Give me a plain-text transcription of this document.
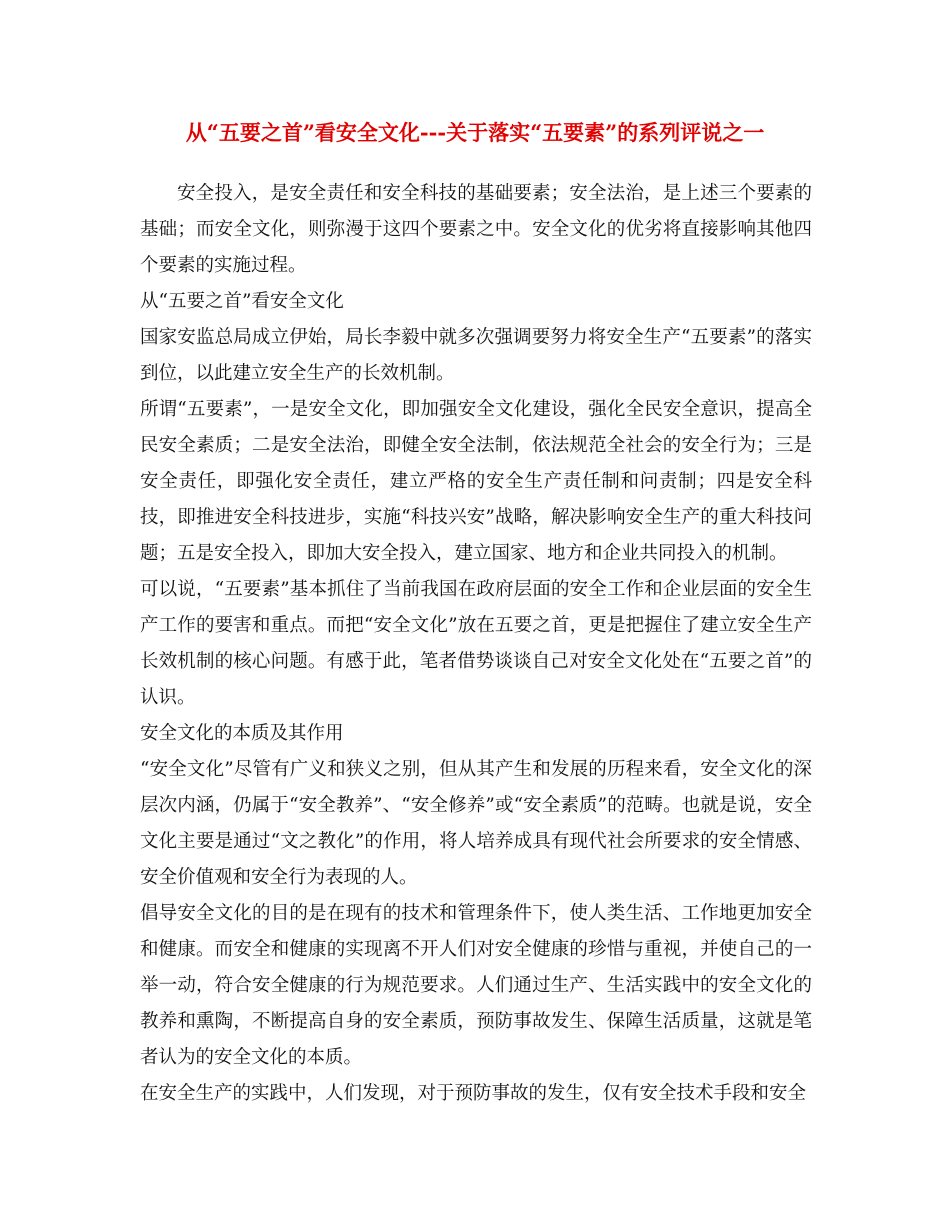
从“五要之首”看安全文化---关于落实“五要素”的系列评说之一

安全投入，是安全责任和安全科技的基础要素；安全法治，是上述三个要素的基础；而安全文化，则弥漫于这四个要素之中。安全文化的优劣将直接影响其他四个要素的实施过程。

从“五要之首”看安全文化

国家安监总局成立伊始，局长李毅中就多次强调要努力将安全生产“五要素”的落实到位，以此建立安全生产的长效机制。

所谓“五要素”，一是安全文化，即加强安全文化建设，强化全民安全意识，提高全民安全素质；二是安全法治，即健全安全法制，依法规范全社会的安全行为；三是安全责任，即强化安全责任，建立严格的安全生产责任制和问责制；四是安全科技，即推进安全科技进步，实施“科技兴安”战略，解决影响安全生产的重大科技问题；五是安全投入，即加大安全投入，建立国家、地方和企业共同投入的机制。

可以说，“五要素”基本抓住了当前我国在政府层面的安全工作和企业层面的安全生产工作的要害和重点。而把“安全文化”放在五要之首，更是把握住了建立安全生产长效机制的核心问题。有感于此，笔者借势谈谈自己对安全文化处在“五要之首”的认识。

安全文化的本质及其作用

“安全文化”尽管有广义和狭义之别，但从其产生和发展的历程来看，安全文化的深层次内涵，仍属于“安全教养”、“安全修养”或“安全素质”的范畴。也就是说，安全文化主要是通过“文之教化”的作用，将人培养成具有现代社会所要求的安全情感、安全价值观和安全行为表现的人。

倡导安全文化的目的是在现有的技术和管理条件下，使人类生活、工作地更加安全和健康。而安全和健康的实现离不开人们对安全健康的珍惜与重视，并使自己的一举一动，符合安全健康的行为规范要求。人们通过生产、生活实践中的安全文化的教养和熏陶，不断提高自身的安全素质，预防事故发生、保障生活质量，这就是笔者认为的安全文化的本质。

在安全生产的实践中，人们发现，对于预防事故的发生，仅有安全技术手段和安全
